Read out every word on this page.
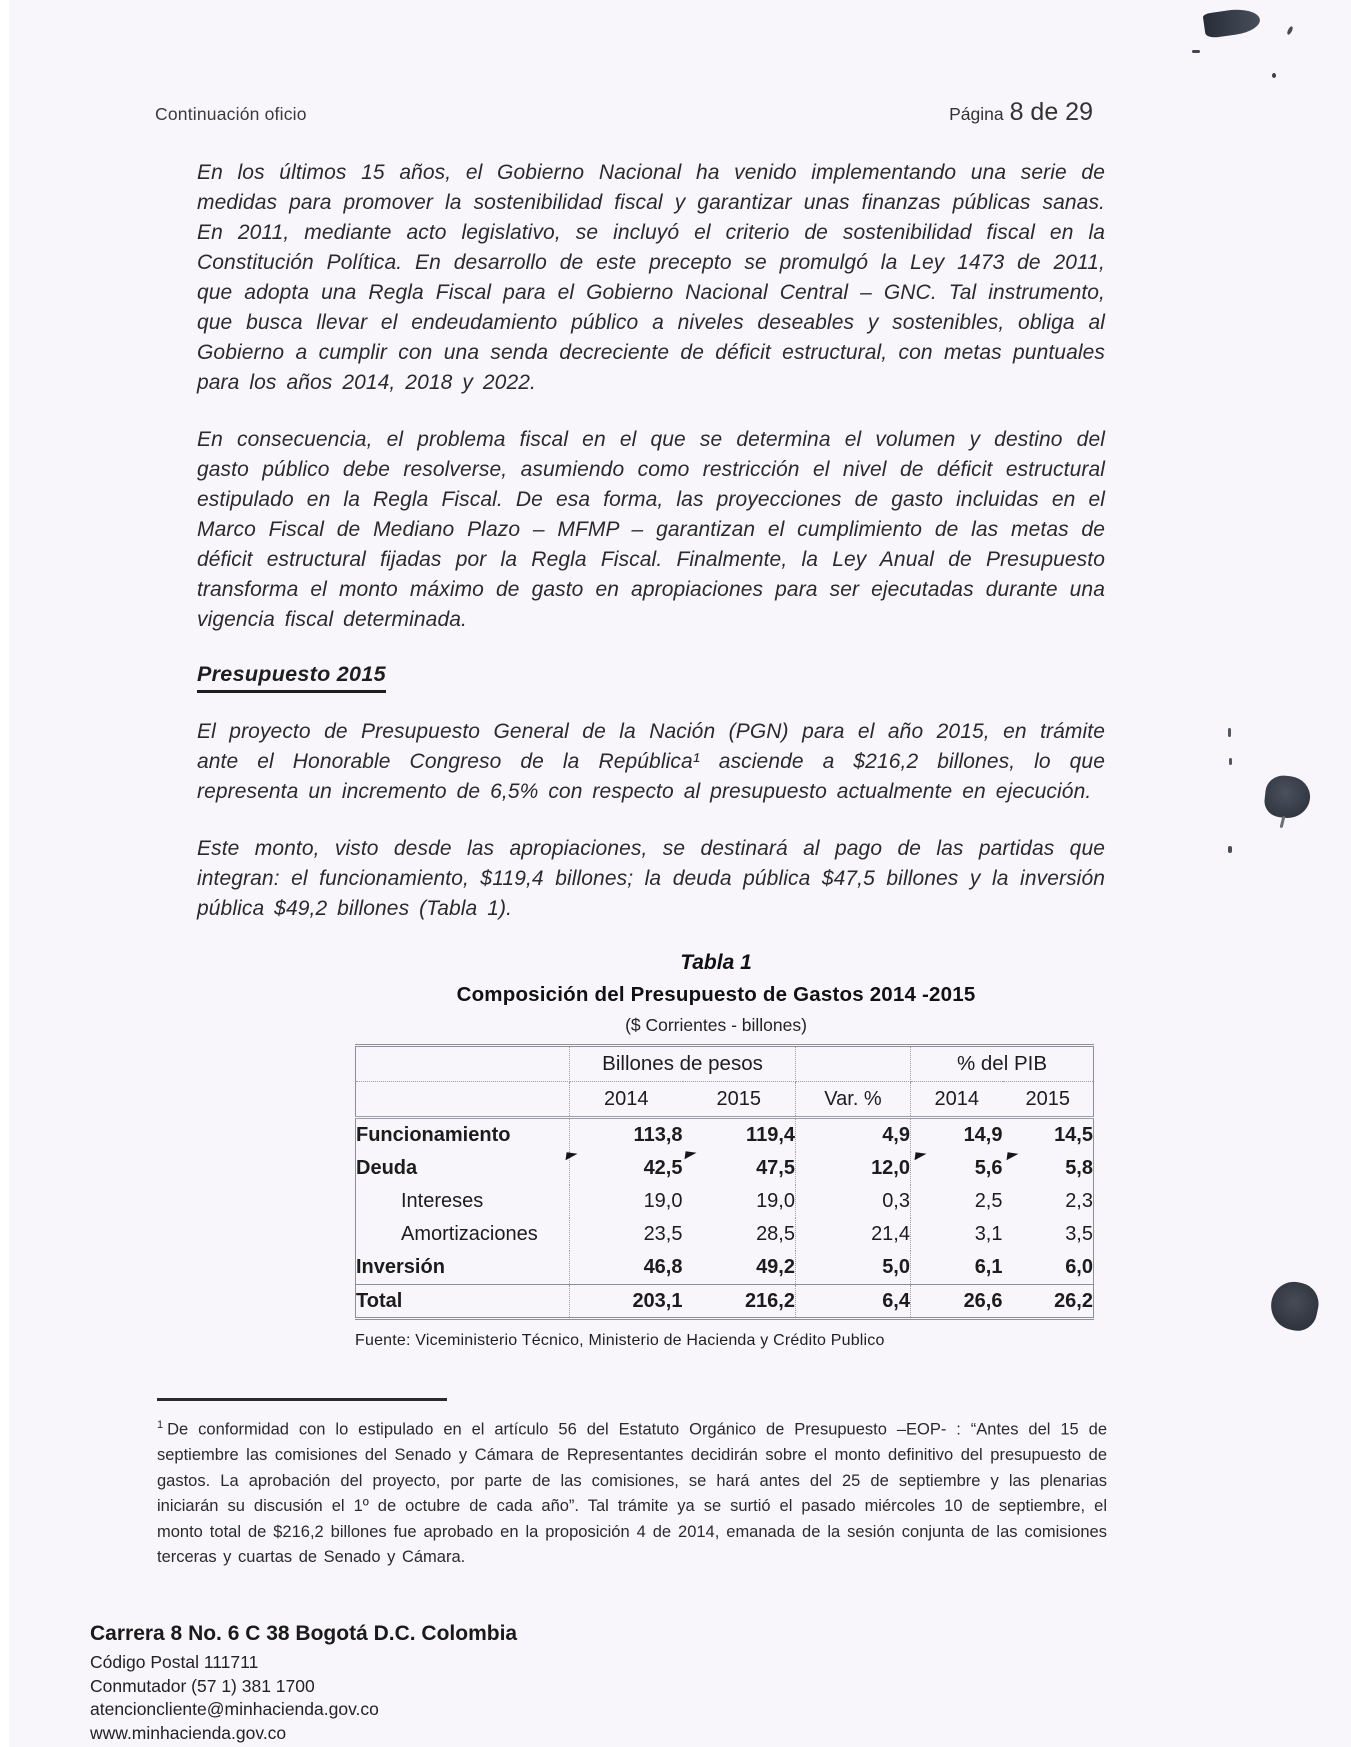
Continuación oficio	Página 8 de 29

En los últimos 15 años, el Gobierno Nacional ha venido implementando una serie de medidas para promover la sostenibilidad fiscal y garantizar unas finanzas públicas sanas. En 2011, mediante acto legislativo, se incluyó el criterio de sostenibilidad fiscal en la Constitución Política. En desarrollo de este precepto se promulgó la Ley 1473 de 2011, que adopta una Regla Fiscal para el Gobierno Nacional Central – GNC. Tal instrumento, que busca llevar el endeudamiento público a niveles deseables y sostenibles, obliga al Gobierno a cumplir con una senda decreciente de déficit estructural, con metas puntuales para los años 2014, 2018 y 2022.

En consecuencia, el problema fiscal en el que se determina el volumen y destino del gasto público debe resolverse, asumiendo como restricción el nivel de déficit estructural estipulado en la Regla Fiscal. De esa forma, las proyecciones de gasto incluidas en el Marco Fiscal de Mediano Plazo – MFMP – garantizan el cumplimiento de las metas de déficit estructural fijadas por la Regla Fiscal. Finalmente, la Ley Anual de Presupuesto transforma el monto máximo de gasto en apropiaciones para ser ejecutadas durante una vigencia fiscal determinada.

Presupuesto 2015

El proyecto de Presupuesto General de la Nación (PGN) para el año 2015, en trámite ante el Honorable Congreso de la República¹ asciende a $216,2 billones, lo que representa un incremento de 6,5% con respecto al presupuesto actualmente en ejecución.

Este monto, visto desde las apropiaciones, se destinará al pago de las partidas que integran: el funcionamiento, $119,4 billones; la deuda pública $47,5 billones y la inversión pública $49,2 billones (Tabla 1).

Tabla 1
Composición del Presupuesto de Gastos 2014 -2015
($ Corrientes - billones)
	Billones de pesos			% del PIB	
	2014	2015	Var. %	2014	2015
Funcionamiento	113,8	119,4	4,9	14,9	14,5
Deuda	42,5	47,5	12,0	5,6	5,8
Intereses	19,0	19,0	0,3	2,5	2,3
Amortizaciones	23,5	28,5	21,4	3,1	3,5
Inversión	46,8	49,2	5,0	6,1	6,0
Total	203,1	216,2	6,4	26,6	26,2
Fuente: Viceministerio Técnico, Ministerio de Hacienda y Crédito Publico
$^1$ De conformidad con lo estipulado en el artículo 56 del Estatuto Orgánico de Presupuesto –EOP- : “Antes del 15 de septiembre las comisiones del Senado y Cámara de Representantes decidirán sobre el monto definitivo del presupuesto de gastos. La aprobación del proyecto, por parte de las comisiones, se hará antes del 25 de septiembre y las plenarias iniciarán su discusión el 1º de octubre de cada año”. Tal trámite ya se surtió el pasado miércoles 10 de septiembre, el monto total de $216,2 billones fue aprobado en la proposición 4 de 2014, emanada de la sesión conjunta de las comisiones terceras y cuartas de Senado y Cámara.
Carrera 8 No. 6 C 38 Bogotá D.C. Colombia
Código Postal 111711
Conmutador (57 1) 381 1700
atencioncliente@minhacienda.gov.co
www.minhacienda.gov.co
